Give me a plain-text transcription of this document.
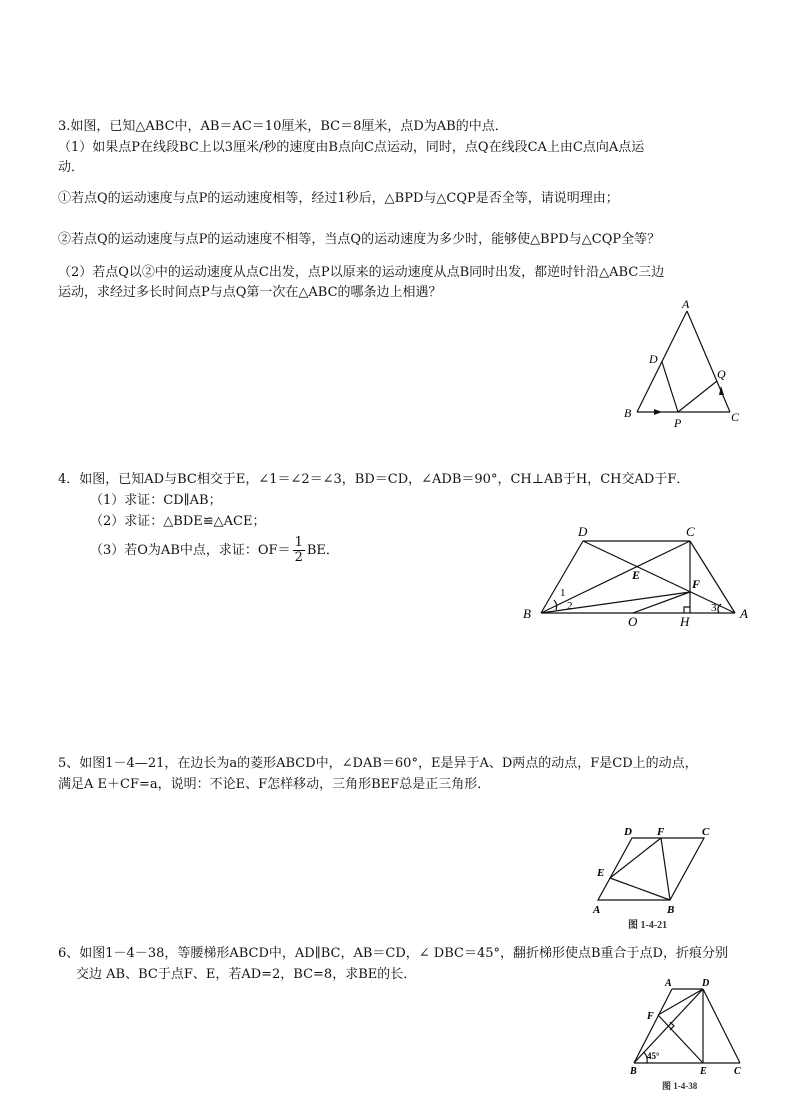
3.如图，已知△ABC中，AB＝AC＝10厘米，BC＝8厘米，点D为AB的中点．
（1）如果点P在线段BC上以3厘米/秒的速度由B点向C点运动，同时，点Q在线段CA上由C点向A点运
动．
①若点Q的运动速度与点P的运动速度相等，经过1秒后，△BPD与△CQP是否全等，请说明理由；
②若点Q的运动速度与点P的运动速度不相等，当点Q的运动速度为多少时，能够使△BPD与△CQP全等？
（2）若点Q以②中的运动速度从点C出发，点P以原来的运动速度从点B同时出发，都逆时针沿△ABC三边
运动，求经过多长时间点P与点Q第一次在△ABC的哪条边上相遇？
A
B	C
D
P
Q
4．如图，已知AD与BC相交于E，∠1＝∠2＝∠3，BD＝CD，∠ADB＝90°，CH⊥AB于H，CH交AD于F．
（1）求证：CD∥AB；
（2）求证：△BDE≌△ACE；
（3）若O为AB中点，求证：$OF= \frac{1}{2}$ BE．
D	C
E
F
B
O	H
A
1
2	3
5、如图1－4—21，在边长为a的菱形ABCD中，∠DAB＝60°，E是异于A、D两点的动点，F是CD上的动点，
满足A E＋CF=a，说明：不论E、F怎样移动，三角形BEF总是正三角形．
D F	C
E
A	B
图 1-4-21
6、如图1－4－38，等腰梯形ABCD中，AD∥BC，AB＝CD，∠ DBC＝45°，翻折梯形使点B重合于点D，折痕分别
交边 AB、BC于点F、E，若AD=2，BC=8，求BE的长．
A	D
F
45°
B	E	C
图 1-4-38
